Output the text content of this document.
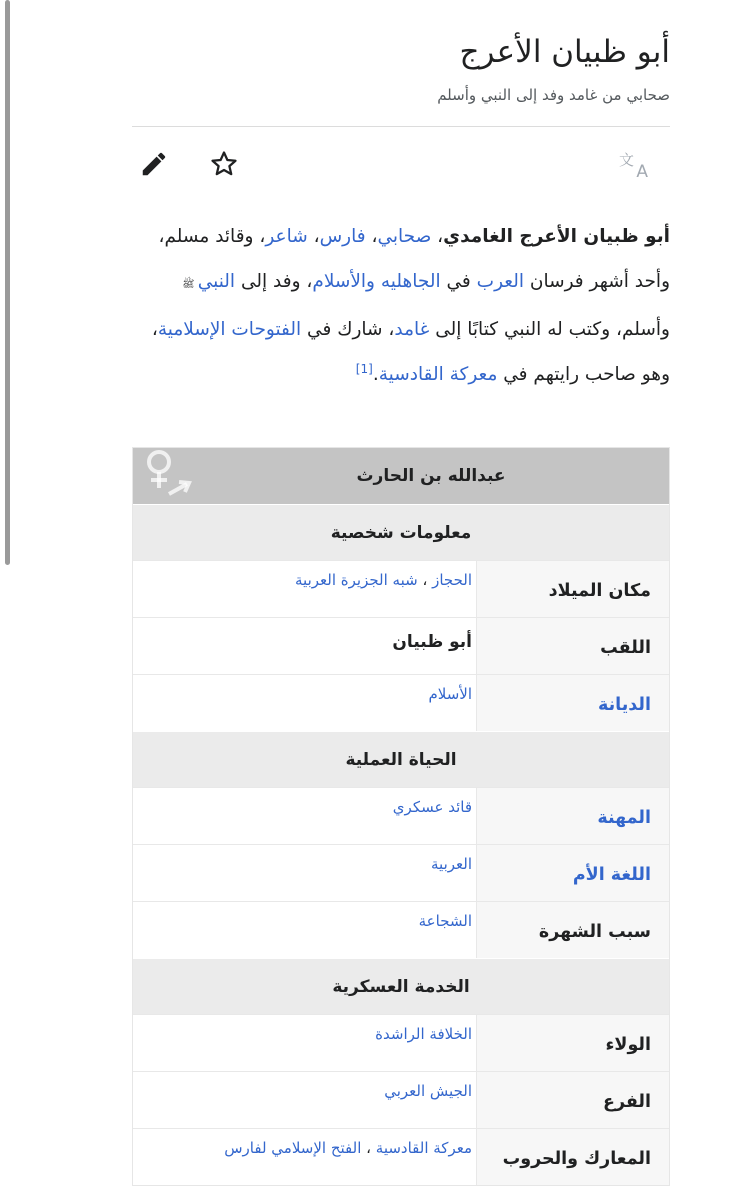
أبو ظبيان الأعرج
صحابي من غامد وفد إلى النبي وأسلم
文
A

أبو ظبيان الأعرج الغامدي، صحابي، فارس، شاعر، وقائد مسلم، وأحد أشهر فرسان العرب في الجاهليه والأسلام، وفد إلى النبي ﷺ وأسلم، وكتب له النبي كتابًا إلى غامد، شارك في الفتوحات الإسلامية، وهو صاحب رايتهم في معركة القادسية.[1]

عبدالله بن الحارث
معلومات شخصية
مكان الميلاد
الحجاز ، شبه الجزيرة العربية
اللقب
أبو ظبيان
الديانة
الأسلام
الحياة العملية
المهنة
قائد عسكري
اللغة الأم
العربية
سبب الشهرة
الشجاعة
الخدمة العسكرية
الولاء
الخلافة الراشدة
الفرع
الجيش العربي
المعارك والحروب
معركة القادسية ، الفتح الإسلامي لفارس
